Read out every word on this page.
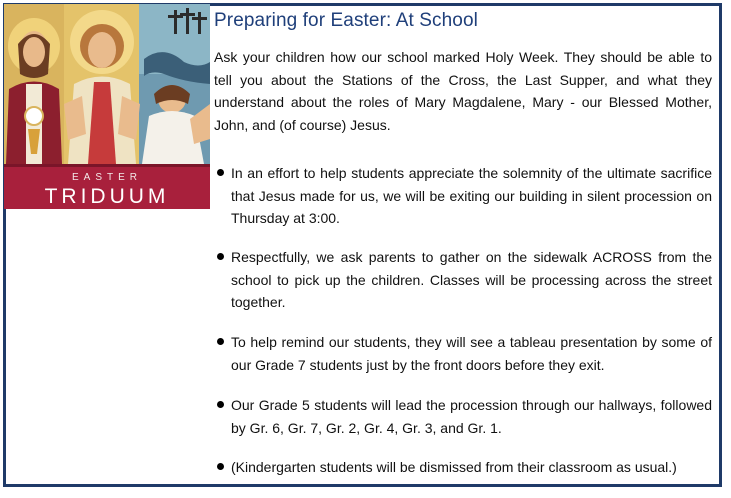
EASTER
TRIDUUM
Preparing for Easter: At School
Ask your children how our school marked Holy Week. They should be able to tell you about the Stations of the Cross, the Last Supper, and what they understand about the roles of Mary Magdalene, Mary - our Blessed Mother, John, and (of course) Jesus.
In an effort to help students appreciate the solemnity of the ultimate sacrifice that Jesus made for us, we will be exiting our building in silent procession on Thursday at 3:00.
Respectfully, we ask parents to gather on the sidewalk ACROSS from the school to pick up the children. Classes will be processing across the street together.
To help remind our students, they will see a tableau presentation by some of our Grade 7 students just by the front doors before they exit.
Our Grade 5 students will lead the procession through our hallways, followed by Gr. 6, Gr. 7, Gr. 2, Gr. 4, Gr. 3, and Gr. 1.
(Kindergarten students will be dismissed from their classroom as usual.)
